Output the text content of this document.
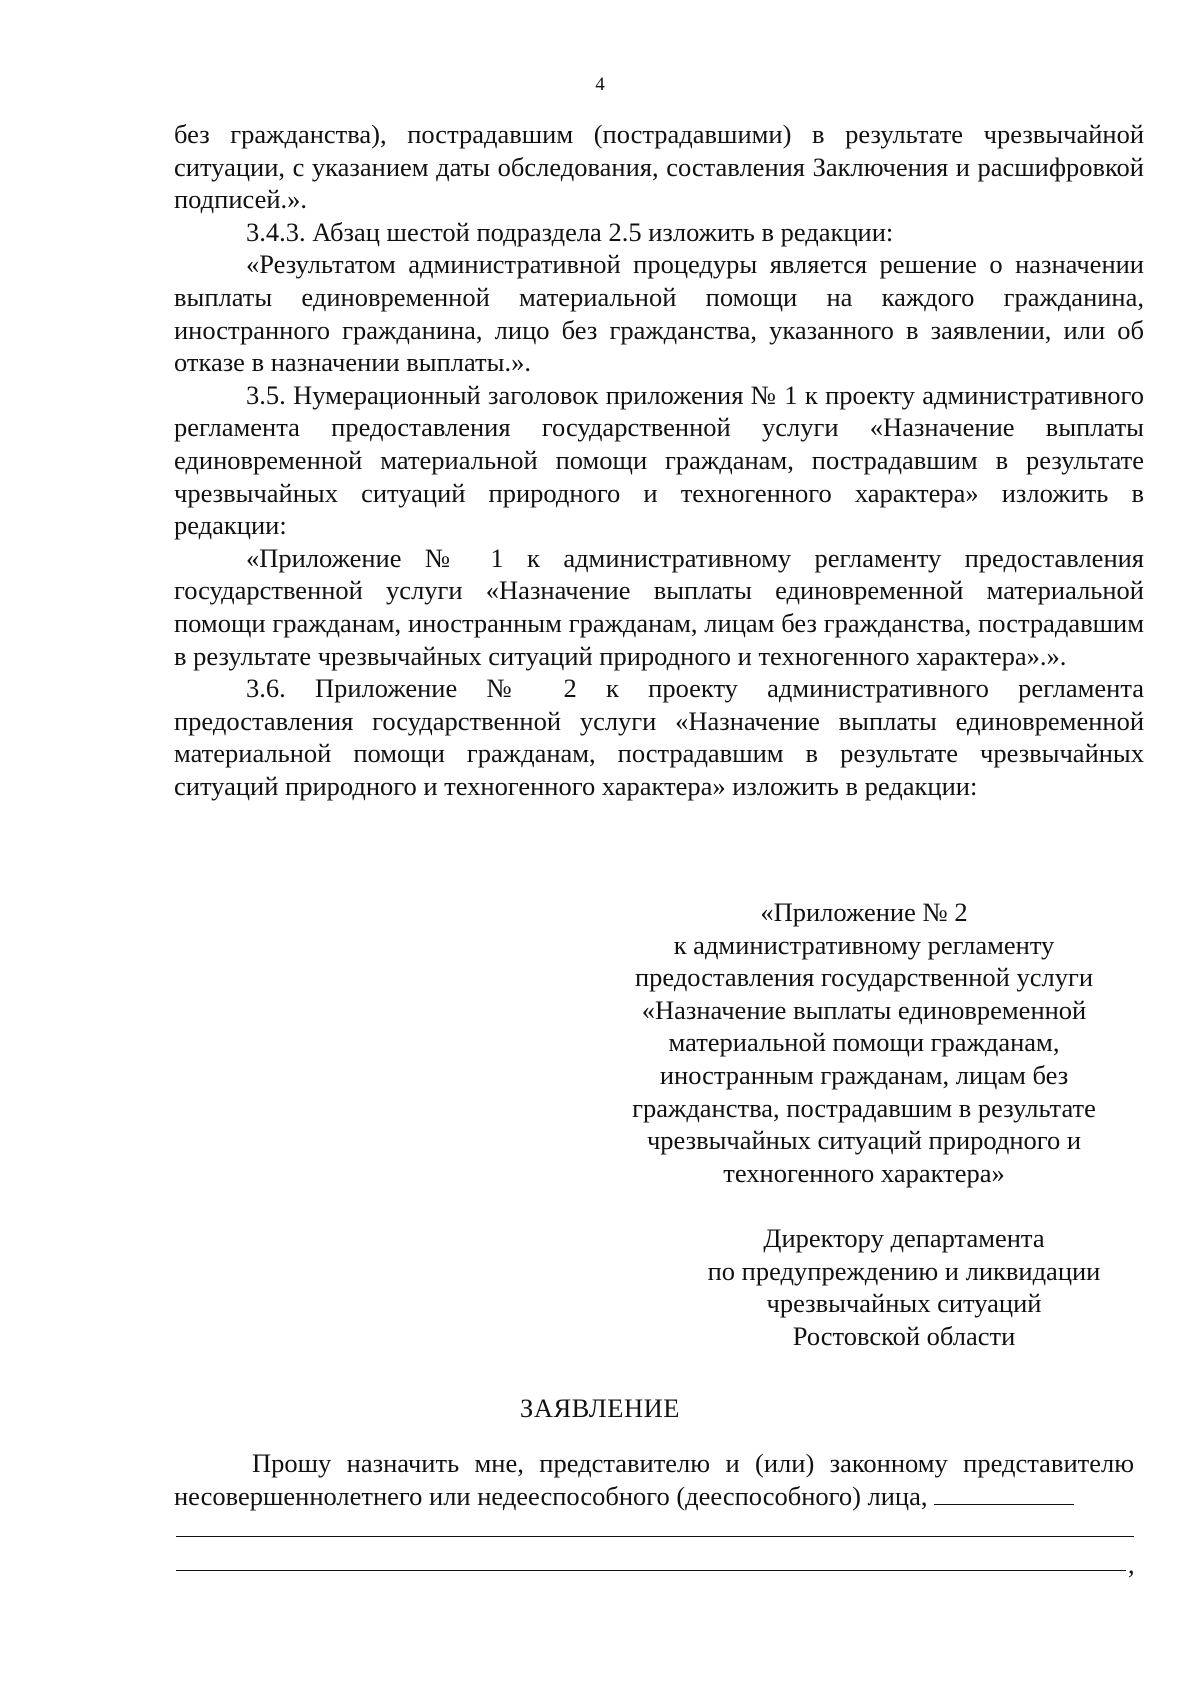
4

без гражданства), пострадавшим (пострадавшими) в результате чрезвычайной ситуации, с указанием даты обследования, составления Заключения и расшифровкой подписей.».

3.4.3. Абзац шестой подраздела 2.5 изложить в редакции:

«Результатом административной процедуры является решение о назначении выплаты единовременной материальной помощи на каждого гражданина, иностранного гражданина, лицо без гражданства, указанного в заявлении, или об отказе в назначении выплаты.».

3.5. Нумерационный заголовок приложения № 1 к проекту административного регламента предоставления государственной услуги «Назначение выплаты единовременной материальной помощи гражданам, пострадавшим в результате чрезвычайных ситуаций природного и техногенного характера» изложить в редакции:

«Приложение № 1 к административному регламенту предоставления государственной услуги «Назначение выплаты единовременной материальной помощи гражданам, иностранным гражданам, лицам без гражданства, пострадавшим в результате чрезвычайных ситуаций природного и техногенного характера».».

3.6. Приложение № 2 к проекту административного регламента предоставления государственной услуги «Назначение выплаты единовременной материальной помощи гражданам, пострадавшим в результате чрезвычайных ситуаций природного и техногенного характера» изложить в редакции:

«Приложение № 2
к административному регламенту
предоставления государственной услуги
«Назначение выплаты единовременной
материальной помощи гражданам,
иностранным гражданам, лицам без
гражданства, пострадавшим в результате
чрезвычайных ситуаций природного и
техногенного характера»
Директору департамента
по предупреждению и ликвидации
чрезвычайных ситуаций
Ростовской области
ЗАЯВЛЕНИЕ

Прошу назначить мне, представителю и (или) законному представителю несовершеннолетнего или недееспособного (дееспособного) лица,

,
